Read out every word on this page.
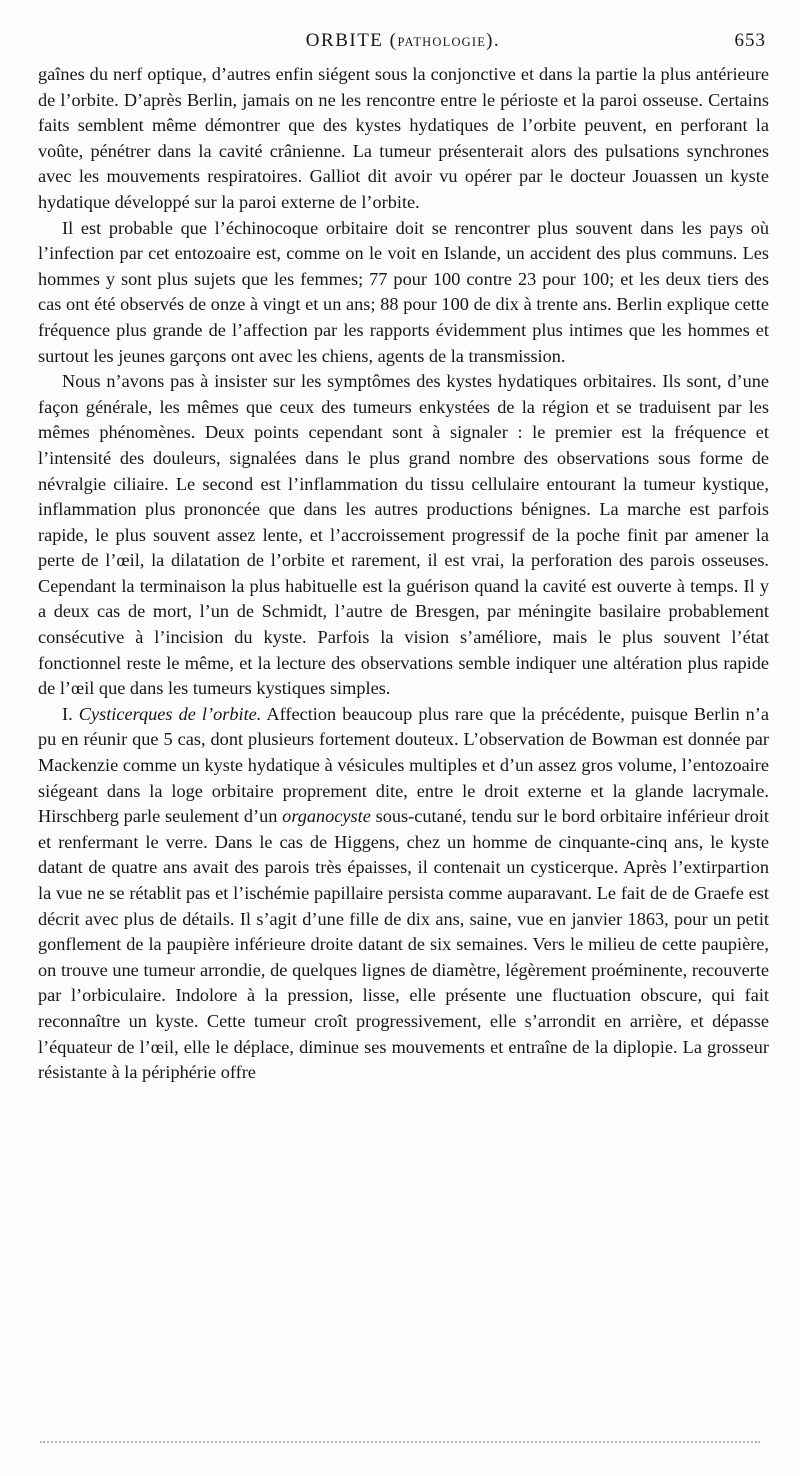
ORBITE (PATHOLOGIE).	653

gaînes du nerf optique, d’autres enfin siégent sous la conjonctive et dans la partie la plus antérieure de l’orbite. D’après Berlin, jamais on ne les rencontre entre le périoste et la paroi osseuse. Certains faits semblent même démontrer que des kystes hydatiques de l’orbite peuvent, en perforant la voûte, pénétrer dans la cavité crânienne. La tumeur présenterait alors des pulsations synchrones avec les mouvements respiratoires. Galliot dit avoir vu opérer par le docteur Jouassen un kyste hydatique développé sur la paroi externe de l’orbite.

Il est probable que l’échinocoque orbitaire doit se rencontrer plus souvent dans les pays où l’infection par cet entozoaire est, comme on le voit en Islande, un accident des plus communs. Les hommes y sont plus sujets que les femmes; 77 pour 100 contre 23 pour 100; et les deux tiers des cas ont été observés de onze à vingt et un ans; 88 pour 100 de dix à trente ans. Berlin explique cette fréquence plus grande de l’affection par les rapports évidemment plus intimes que les hommes et surtout les jeunes garçons ont avec les chiens, agents de la transmission.

Nous n’avons pas à insister sur les symptômes des kystes hydatiques orbitaires. Ils sont, d’une façon générale, les mêmes que ceux des tumeurs enkystées de la région et se traduisent par les mêmes phénomènes. Deux points cependant sont à signaler : le premier est la fréquence et l’intensité des douleurs, signalées dans le plus grand nombre des observations sous forme de névralgie ciliaire. Le second est l’inflammation du tissu cellulaire entourant la tumeur kystique, inflammation plus prononcée que dans les autres productions bénignes. La marche est parfois rapide, le plus souvent assez lente, et l’accroissement progressif de la poche finit par amener la perte de l’œil, la dilatation de l’orbite et rarement, il est vrai, la perforation des parois osseuses. Cependant la terminaison la plus habituelle est la guérison quand la cavité est ouverte à temps. Il y a deux cas de mort, l’un de Schmidt, l’autre de Bresgen, par méningite basilaire probablement consécutive à l’incision du kyste. Parfois la vision s’améliore, mais le plus souvent l’état fonctionnel reste le même, et la lecture des observations semble indiquer une altération plus rapide de l’œil que dans les tumeurs kystiques simples.

I. Cysticerques de l’orbite. Affection beaucoup plus rare que la précédente, puisque Berlin n’a pu en réunir que 5 cas, dont plusieurs fortement douteux. L’observation de Bowman est donnée par Mackenzie comme un kyste hydatique à vésicules multiples et d’un assez gros volume, l’entozoaire siégeant dans la loge orbitaire proprement dite, entre le droit externe et la glande lacrymale. Hirschberg parle seulement d’un organocyste sous-cutané, tendu sur le bord orbitaire inférieur droit et renfermant le verre. Dans le cas de Higgens, chez un homme de cinquante-cinq ans, le kyste datant de quatre ans avait des parois très épaisses, il contenait un cysticerque. Après l’extirpartion la vue ne se rétablit pas et l’ischémie papillaire persista comme auparavant. Le fait de de Graefe est décrit avec plus de détails. Il s’agit d’une fille de dix ans, saine, vue en janvier 1863, pour un petit gonflement de la paupière inférieure droite datant de six semaines. Vers le milieu de cette paupière, on trouve une tumeur arrondie, de quelques lignes de diamètre, légèrement proéminente, recouverte par l’orbiculaire. Indolore à la pression, lisse, elle présente une fluctuation obscure, qui fait reconnaître un kyste. Cette tumeur croît progressivement, elle s’arrondit en arrière, et dépasse l’équateur de l’œil, elle le déplace, diminue ses mouvements et entraîne de la diplopie. La grosseur résistante à la périphérie offre
